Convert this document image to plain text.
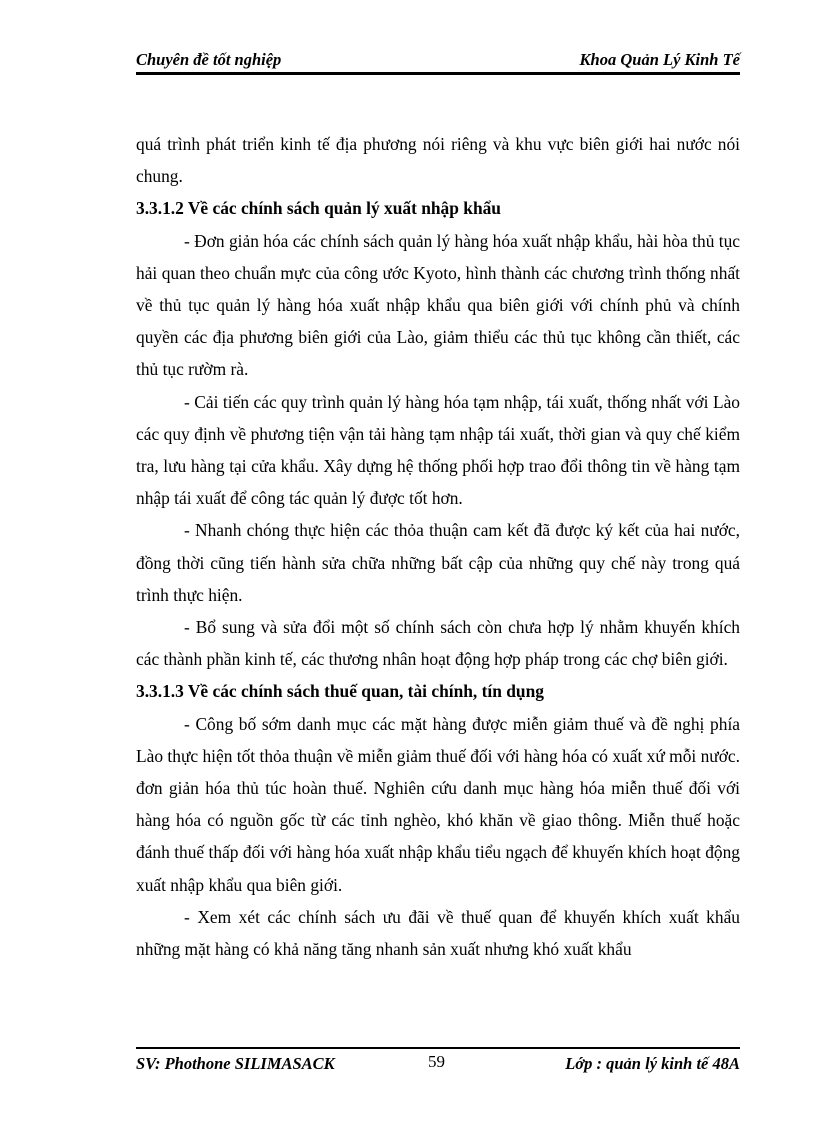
Chuyên đề tốt nghiệp	Khoa Quản Lý Kinh Tế

quá trình phát triển kinh tế địa phương nói riêng và khu vực biên giới hai nước nói chung.

3.3.1.2 Về các chính sách quản lý xuất nhập khẩu

- Đơn giản hóa các chính sách quản lý hàng hóa xuất nhập khẩu, hài hòa thủ tục hải quan theo chuẩn mực của công ước Kyoto, hình thành các chương trình thống nhất về thủ tục quản lý hàng hóa xuất nhập khẩu qua biên giới với chính phủ và chính quyền các địa phương biên giới của Lào, giảm thiểu các thủ tục không cần thiết, các thủ tục rườm rà.

- Cải tiến các quy trình quản lý hàng hóa tạm nhập, tái xuất, thống nhất với Lào các quy định về phương tiện vận tải hàng tạm nhập tái xuất, thời gian và quy chế kiểm tra, lưu hàng tại cửa khẩu. Xây dựng hệ thống phối hợp trao đổi thông tin về hàng tạm nhập tái xuất để công tác quản lý được tốt hơn.

- Nhanh chóng thực hiện các thỏa thuận cam kết đã được ký kết của hai nước, đồng thời cũng tiến hành sửa chữa những bất cập của những quy chế này trong quá trình thực hiện.

- Bổ sung và sửa đổi một số chính sách còn chưa hợp lý nhằm khuyến khích các thành phần kinh tế, các thương nhân hoạt động hợp pháp trong các chợ biên giới.

3.3.1.3 Về các chính sách thuế quan, tài chính, tín dụng

- Công bố sớm danh mục các mặt hàng được miễn giảm thuế và đề nghị phía Lào thực hiện tốt thỏa thuận về miễn giảm thuế đối với hàng hóa có xuất xứ mỗi nước. đơn giản hóa thủ túc hoàn thuế. Nghiên cứu danh mục hàng hóa miễn thuế đối với hàng hóa có nguồn gốc từ các tỉnh nghèo, khó khăn về giao thông. Miễn thuế hoặc đánh thuế thấp đối với hàng hóa xuất nhập khẩu tiểu ngạch để khuyến khích hoạt động xuất nhập khẩu qua biên giới.

- Xem xét các chính sách ưu đãi về thuế quan để khuyến khích xuất khẩu những mặt hàng có khả năng tăng nhanh sản xuất nhưng khó xuất khẩu

SV: Phothone SILIMASACK	59	Lớp : quản lý kinh tế 48A
